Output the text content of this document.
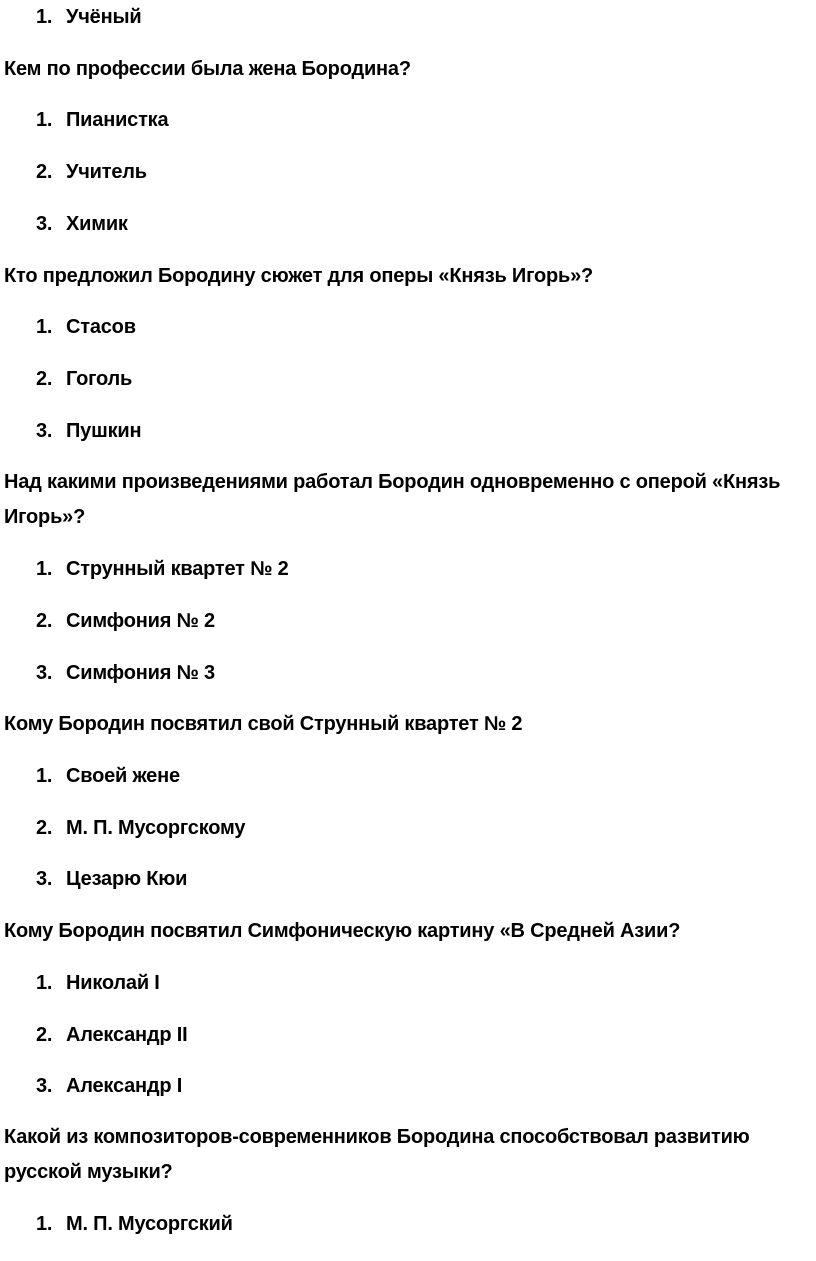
1. Учёный
Кем по профессии была жена Бородина?
1. Пианистка
2. Учитель
3. Химик
Кто предложил Бородину сюжет для оперы «Князь Игорь»?
1. Стасов
2. Гоголь
3. Пушкин
Над какими произведениями работал Бородин одновременно с оперой «Князь Игорь»?
1. Струнный квартет № 2
2. Симфония № 2
3. Симфония № 3
Кому Бородин посвятил свой Струнный квартет № 2
1. Своей жене
2. М. П. Мусоргскому
3. Цезарю Кюи
Кому Бородин посвятил Симфоническую картину «В Средней Азии?
1. Николай I
2. Александр II
3. Александр I
Какой из композиторов-современников Бородина способствовал развитию русской музыки?
1. М. П. Мусоргский
